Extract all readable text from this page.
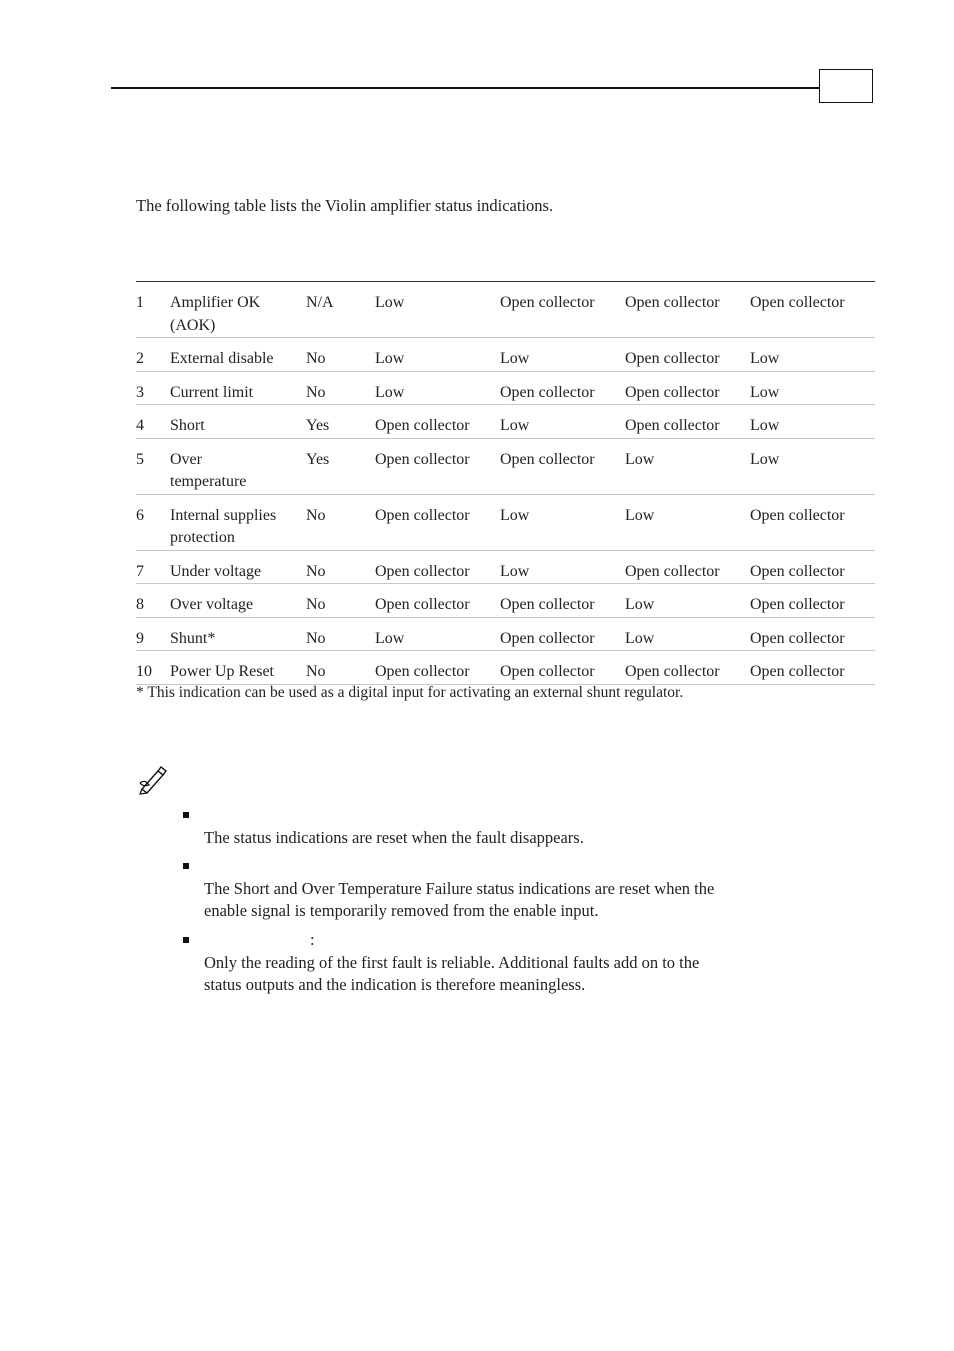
The following table lists the Violin amplifier status indications.

1	Amplifier OK (AOK)	N/A	Low	Open collector	Open collector	Open collector
2	External disable	No	Low	Low	Open collector	Low
3	Current limit	No	Low	Open collector	Open collector	Low
4	Short	Yes	Open collector	Low	Open collector	Low
5	Over temperature	Yes	Open collector	Open collector	Low	Low
6	Internal supplies protection	No	Open collector	Low	Low	Open collector
7	Under voltage	No	Open collector	Low	Open collector	Open collector
8	Over voltage	No	Open collector	Open collector	Low	Open collector
9	Shunt*	No	Low	Open collector	Low	Open collector
10	Power Up Reset	No	Open collector	Open collector	Open collector	Open collector

* This indication can be used as a digital input for activating an external shunt regulator.

The status indications are reset when the fault disappears.

The Short and Over Temperature Failure status indications are reset when the

enable signal is temporarily removed from the enable input.

:

Only the reading of the first fault is reliable. Additional faults add on to the

status outputs and the indication is therefore meaningless.
